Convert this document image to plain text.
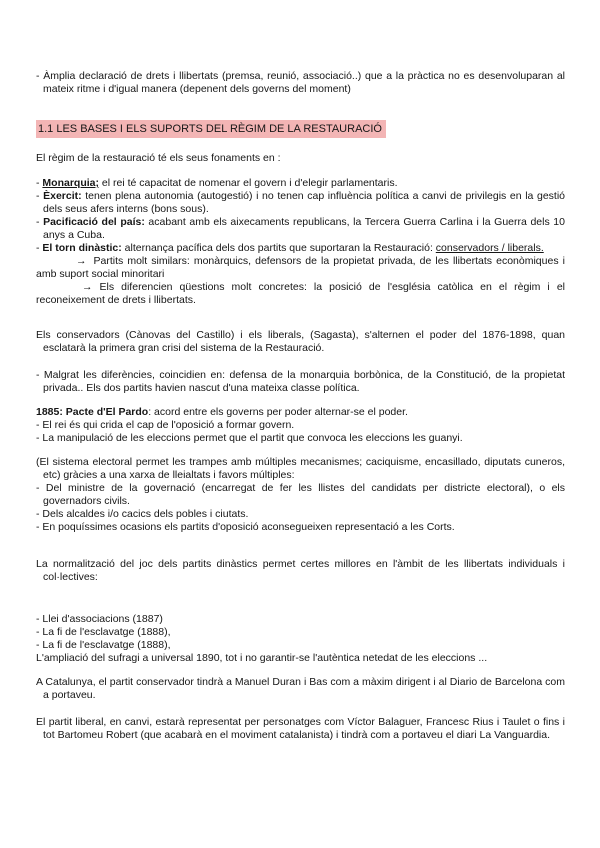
- Àmplia declaració de drets i llibertats (premsa, reunió, associació..) que a la pràctica no es desenvoluparan al mateix ritme i d'igual manera (depenent dels governs del moment)

1.1 LES BASES I ELS SUPORTS DEL RÈGIM DE LA RESTAURACIÓ

El règim de la restauració té els seus fonaments en :

- Monarquia; el rei té capacitat de nomenar el govern i d'elegir parlamentaris.

- Èxercit: tenen plena autonomia (autogestió) i no tenen cap influència política a canvi de privilegis en la gestió dels seus afers interns (bons sous).

- Pacificació del país: acabant amb els aixecaments republicans, la Tercera Guerra Carlina i la Guerra dels 10 anys a Cuba.

- El torn dinàstic: alternança pacífica dels dos partits que suportaran la Restauració: conservadors / liberals.

→ Partits molt similars: monàrquics, defensors de la propietat privada, de les llibertats econòmiques i amb suport social minoritari

→ Els diferencien qüestions molt concretes: la posició de l'església catòlica en el règim i el reconeixement de drets i llibertats.

Els conservadors (Cànovas del Castillo) i els liberals, (Sagasta), s'alternen el poder del 1876-1898, quan esclatarà la primera gran crisi del sistema de la Restauració.

- Malgrat les diferències, coincidien en: defensa de la monarquia borbònica, de la Constitució, de la propietat privada.. Els dos partits havien nascut d'una mateixa classe política.

1885: Pacte d'El Pardo: acord entre els governs per poder alternar-se el poder.

- El rei és qui crida el cap de l'oposició a formar govern.

- La manipulació de les eleccions permet que el partit que convoca les eleccions les guanyi.

(El sistema electoral permet les trampes amb múltiples mecanismes; caciquisme, encasillado, diputats cuneros, etc) gràcies a una xarxa de lleialtats i favors múltiples:

- Del ministre de la governació (encarregat de fer les llistes del candidats per districte electoral), o els governadors civils.

- Dels alcaldes i/o cacics dels pobles i ciutats.

- En poquíssimes ocasions els partits d'oposició aconsegueixen representació a les Corts.

La normalització del joc dels partits dinàstics permet certes millores en l'àmbit de les llibertats individuals i col·lectives:

- Llei d'associacions (1887)

- La fi de l'esclavatge (1888),

- La fi de l'esclavatge (1888),

L'ampliació del sufragi a universal 1890, tot i no garantir-se l'autèntica netedat de les eleccions ...

A Catalunya, el partit conservador tindrà a Manuel Duran i Bas com a màxim dirigent i al Diario de Barcelona com a portaveu.

El partit liberal, en canvi, estarà representat per personatges com Víctor Balaguer, Francesc Rius i Taulet o fins i tot Bartomeu Robert (que acabarà en el moviment catalanista) i tindrà com a portaveu el diari La Vanguardia.
